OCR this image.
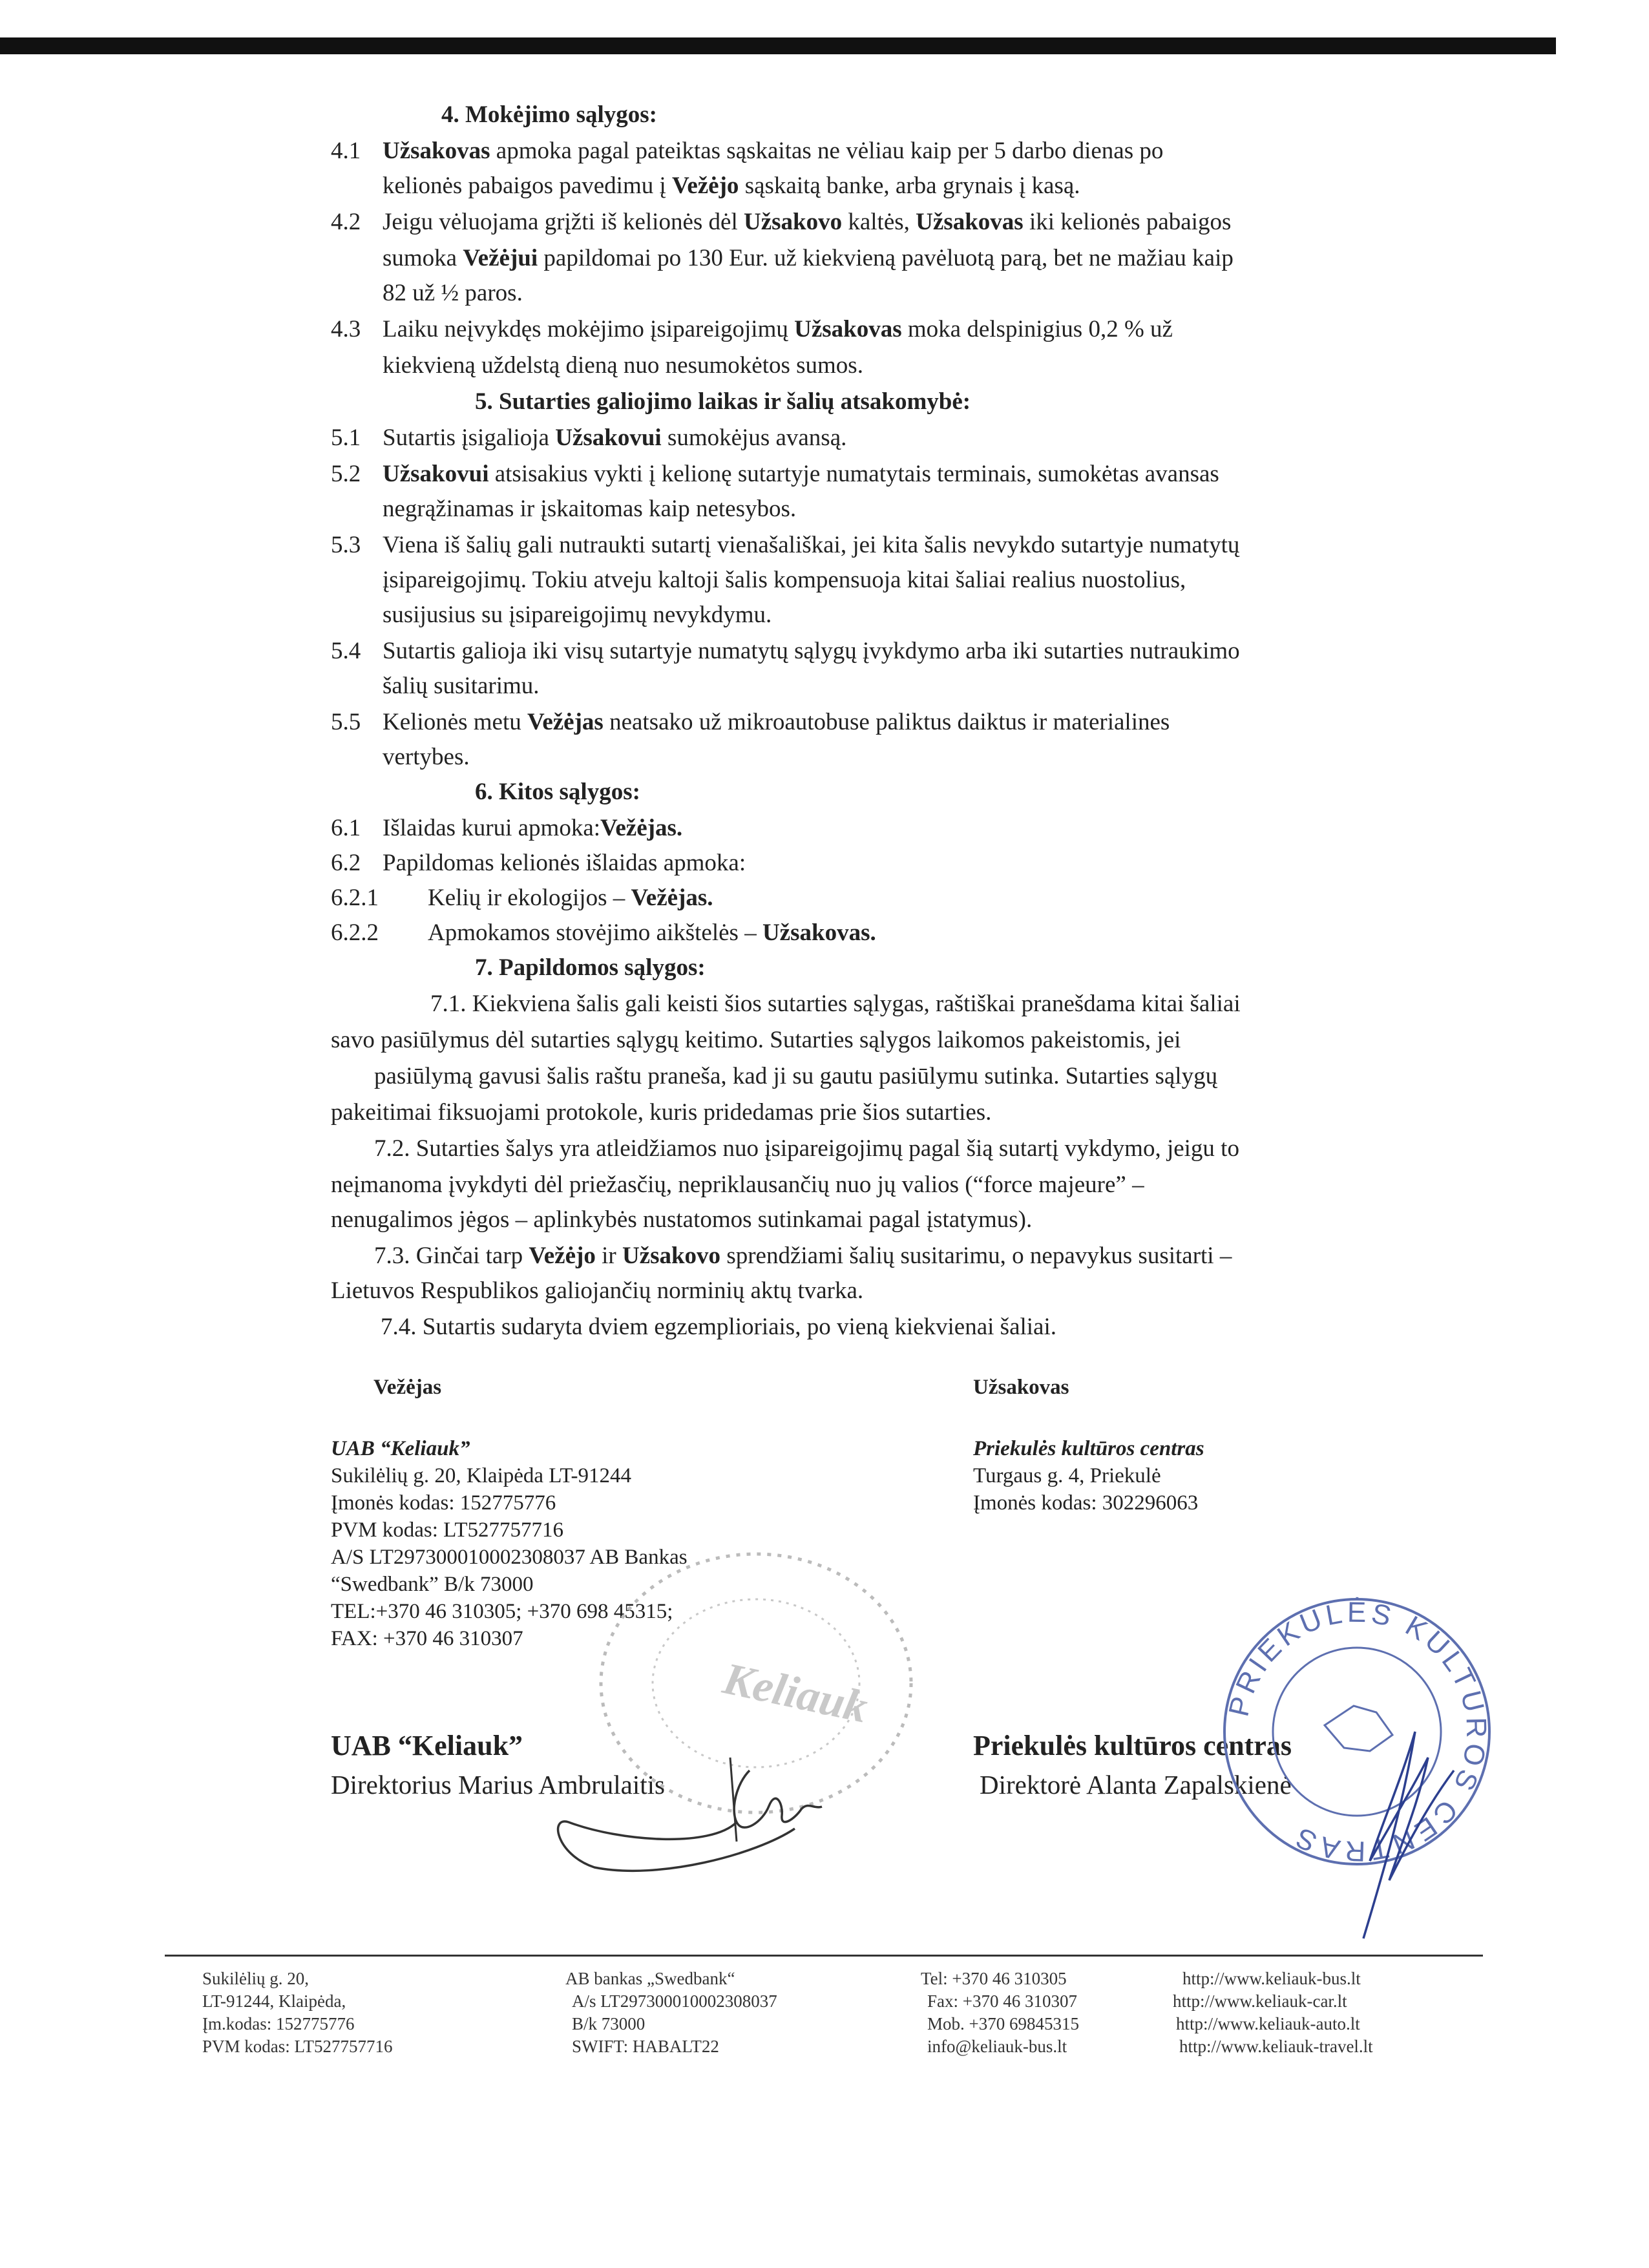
4. Mokėjimo sąlygos:
4.1 Užsakovas apmoka pagal pateiktas sąskaitas ne vėliau kaip per 5 darbo dienas po
kelionės pabaigos pavedimu į Vežėjo sąskaitą banke, arba grynais į kasą.
4.2 Jeigu vėluojama grįžti iš kelionės dėl Užsakovo kaltės, Užsakovas iki kelionės pabaigos
sumoka Vežėjui papildomai po 130 Eur. už kiekvieną pavėluotą parą, bet ne mažiau kaip
82 už ½ paros.
4.3 Laiku neįvykdęs mokėjimo įsipareigojimų Užsakovas moka delspinigius 0,2 % už
kiekvieną uždelstą dieną nuo nesumokėtos sumos.
5. Sutarties galiojimo laikas ir šalių atsakomybė:
5.1 Sutartis įsigalioja Užsakovui sumokėjus avansą.
5.2 Užsakovui atsisakius vykti į kelionę sutartyje numatytais terminais, sumokėtas avansas
negrąžinamas ir įskaitomas kaip netesybos.
5.3 Viena iš šalių gali nutraukti sutartį vienašališkai, jei kita šalis nevykdo sutartyje numatytų
įsipareigojimų. Tokiu atveju kaltoji šalis kompensuoja kitai šaliai realius nuostolius,
susijusius su įsipareigojimų nevykdymu.
5.4 Sutartis galioja iki visų sutartyje numatytų sąlygų įvykdymo arba iki sutarties nutraukimo
šalių susitarimu.
5.5 Kelionės metu Vežėjas neatsako už mikroautobuse paliktus daiktus ir materialines
vertybes.
6. Kitos sąlygos:
6.1 Išlaidas kurui apmoka:Vežėjas.
6.2 Papildomas kelionės išlaidas apmoka:
6.2.1 Kelių ir ekologijos – Vežėjas.
6.2.2 Apmokamos stovėjimo aikštelės – Užsakovas.
7. Papildomos sąlygos:
7.1. Kiekviena šalis gali keisti šios sutarties sąlygas, raštiškai pranešdama kitai šaliai
savo pasiūlymus dėl sutarties sąlygų keitimo. Sutarties sąlygos laikomos pakeistomis, jei
pasiūlymą gavusi šalis raštu praneša, kad ji su gautu pasiūlymu sutinka. Sutarties sąlygų
pakeitimai fiksuojami protokole, kuris pridedamas prie šios sutarties.
7.2. Sutarties šalys yra atleidžiamos nuo įsipareigojimų pagal šią sutartį vykdymo, jeigu to
neįmanoma įvykdyti dėl priežasčių, nepriklausančių nuo jų valios (“force majeure” –
nenugalimos jėgos – aplinkybės nustatomos sutinkamai pagal įstatymus).
7.3. Ginčai tarp Vežėjo ir Užsakovo sprendžiami šalių susitarimu, o nepavykus susitarti –
Lietuvos Respublikos galiojančių norminių aktų tvarka.
7.4. Sutartis sudaryta dviem egzemplioriais, po vieną kiekvienai šaliai.
Vežėjas
UAB “Keliauk”
Sukilėlių g. 20, Klaipėda LT-91244
Įmonės kodas: 152775776
PVM kodas: LT527757716
A/S LT297300010002308037 AB Bankas
“Swedbank” B/k 73000
TEL:+370 46 310305; +370 698 45315;
FAX: +370 46 310307
UAB “Keliauk”
Direktorius Marius Ambrulaitis
Užsakovas
Priekulės kultūros centras
Turgaus g. 4, Priekulė
Įmonės kodas: 302296063
Priekulės kultūros centras
Direktorė Alanta Zapalskienė
Keliauk	PRIEKULĖS KULTŪROS CENTRAS
Sukilėlių g. 20,
LT-91244, Klaipėda,
Įm.kodas: 152775776
PVM kodas: LT527757716
AB bankas „Swedbank“
A/s LT297300010002308037
B/k 73000
SWIFT: HABALT22
Tel: +370 46 310305
Fax: +370 46 310307
Mob. +370 69845315
info@keliauk-bus.lt
http://www.keliauk-bus.lt
http://www.keliauk-car.lt
http://www.keliauk-auto.lt
http://www.keliauk-travel.lt
